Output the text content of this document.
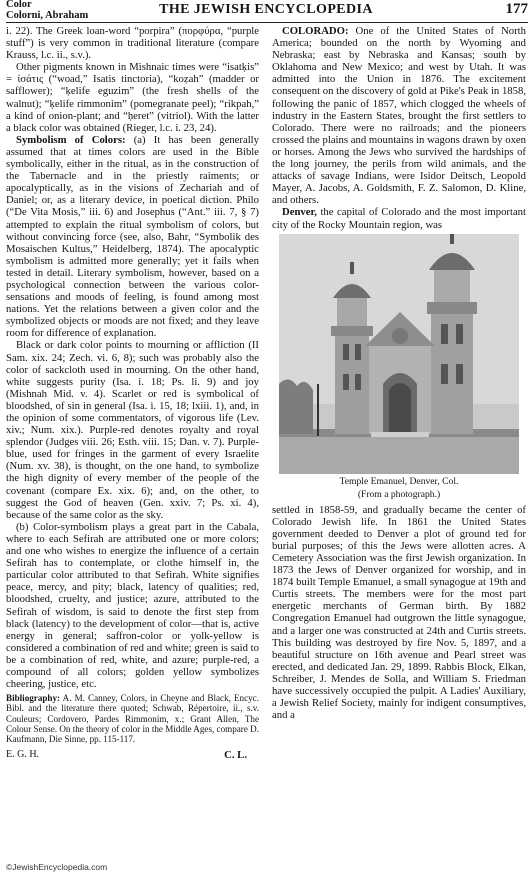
Color
Colorni, Abraham	THE JEWISH ENCYCLOPEDIA	177

i. 22). The Greek loan-word “porpira” (πορφύρα, “purple stuff”) is very common in traditional literature (compare Krauss, l.c. ii., s.v.).

Other pigments known in Mishnaic times were “isatķis” = ἰσάτις (“woad,” Isatis tinctoria), “koẓah” (madder or safflower); “ḳelife eguzim” (the fresh shells of the walnut); “ḳelife rimmonim” (pomegranate peel); “rikpah,” a kind of onion-plant; and “ḥeret” (vitriol). With the latter a black color was obtained (Rieger, l.c. i. 23, 24).

Symbolism of Colors: (a) It has been generally assumed that at times colors are used in the Bible symbolically, either in the ritual, as in the construction of the Tabernacle and in the priestly raiments; or apocalyptically, as in the visions of Zechariah and of Daniel; or, as a literary device, in poetical diction. Philo (“De Vita Mosis,” iii. 6) and Josephus (“Ant.” iii. 7, § 7) attempted to explain the ritual symbolism of colors, but without convincing force (see, also, Bahr, “Symbolik des Mosaischen Kultus,” Heidelberg, 1874). The apocalyptic symbolism is admitted more generally; yet it fails when tested in detail. Literary symbolism, however, based on a psychological connection between the various color-sensations and moods of feeling, is found among most nations. Yet the relations between a given color and the symbolized objects or moods are not fixed; and they leave room for difference of explanation.

Black or dark color points to mourning or affliction (II Sam. xix. 24; Zech. vi. 6, 8); such was probably also the color of sackcloth used in mourning. On the other hand, white suggests purity (Isa. i. 18; Ps. li. 9) and joy (Mishnah Mid. v. 4). Scarlet or red is symbolical of bloodshed, of sin in general (Isa. i. 15, 18; lxiii. 1), and, in the opinion of some commentators, of vigorous life (Lev. xiv.; Num. xix.). Purple-red denotes royalty and royal splendor (Judges viii. 26; Esth. viii. 15; Dan. v. 7). Purple-blue, used for fringes in the garment of every Israelite (Num. xv. 38), is thought, on the one hand, to symbolize the high dignity of every member of the people of the covenant (compare Ex. xix. 6); and, on the other, to suggest the God of heaven (Gen. xxiv. 7; Ps. xi. 4), because of the same color as the sky.

(b) Color-symbolism plays a great part in the Cabala, where to each Sefirah are attributed one or more colors; and one who wishes to energize the influence of a certain Sefirah has to contemplate, or clothe himself in, the particular color attributed to that Sefirah. White signifies peace, mercy, and pity; black, latency of qualities; red, bloodshed, cruelty, and justice; azure, attributed to the Sefirah of wisdom, is said to denote the first step from black (latency) to the development of color—that is, active energy in general; saffron-color or yolk-yellow is considered a combination of red and white; green is said to be a combination of red, white, and azure; purple-red, a compound of all colors; golden yellow symbolizes cheering, justice, etc.

Bibliography: A. M. Canney, Colors, in Cheyne and Black, Encyc. Bibl. and the literature there quoted; Schwab, Répertoire, ii., s.v. Couleurs; Cordovero, Pardes Rimmonim, x.; Grant Allen, The Colour Sense. On the theory of color in the Middle Ages, compare D. Kaufmann, Die Sinne, pp. 115-117.

E. G. H.	C. L.

COLORADO: One of the United States of North America; bounded on the north by Wyoming and Nebraska; east by Nebraska and Kansas; south by Oklahoma and New Mexico; and west by Utah. It was admitted into the Union in 1876. The excitement consequent on the discovery of gold at Pike's Peak in 1858, following the panic of 1857, which clogged the wheels of industry in the Eastern States, brought the first settlers to Colorado. There were no railroads; and the pioneers crossed the plains and mountains in wagons drawn by oxen or horses. Among the Jews who survived the hardships of the long journey, the perils from wild animals, and the attacks of savage Indians, were Isidor Deitsch, Leopold Mayer, A. Jacobs, A. Goldsmith, F. Z. Salomon, D. Kline, and others.

Denver, the capital of Colorado and the most important city of the Rocky Mountain region, was

Temple Emanuel, Denver, Col.
(From a photograph.)

settled in 1858-59, and gradually became the center of Colorado Jewish life. In 1861 the United States government deeded to Denver a plot of ground ted for burial purposes; of this the Jews were allotten acres. A Cemetery Association was the first Jewish organization. In 1873 the Jews of Denver organized for worship, and in 1874 built Temple Emanuel, a small synagogue at 19th and Curtis streets. The members were for the most part energetic merchants of German birth. By 1882 Congregation Emanuel had outgrown the little synagogue, and a larger one was constructed at 24th and Curtis streets. This building was destroyed by fire Nov. 5, 1897, and a beautiful structure on 16th avenue and Pearl street was erected, and dedicated Jan. 29, 1899. Rabbis Block, Elkan, Schreiber, J. Mendes de Solla, and William S. Friedman have successively occupied the pulpit. A Ladies' Auxiliary, a Jewish Relief Society, mainly for indigent consumptives, and a

©JewishEncyclopedia.com
